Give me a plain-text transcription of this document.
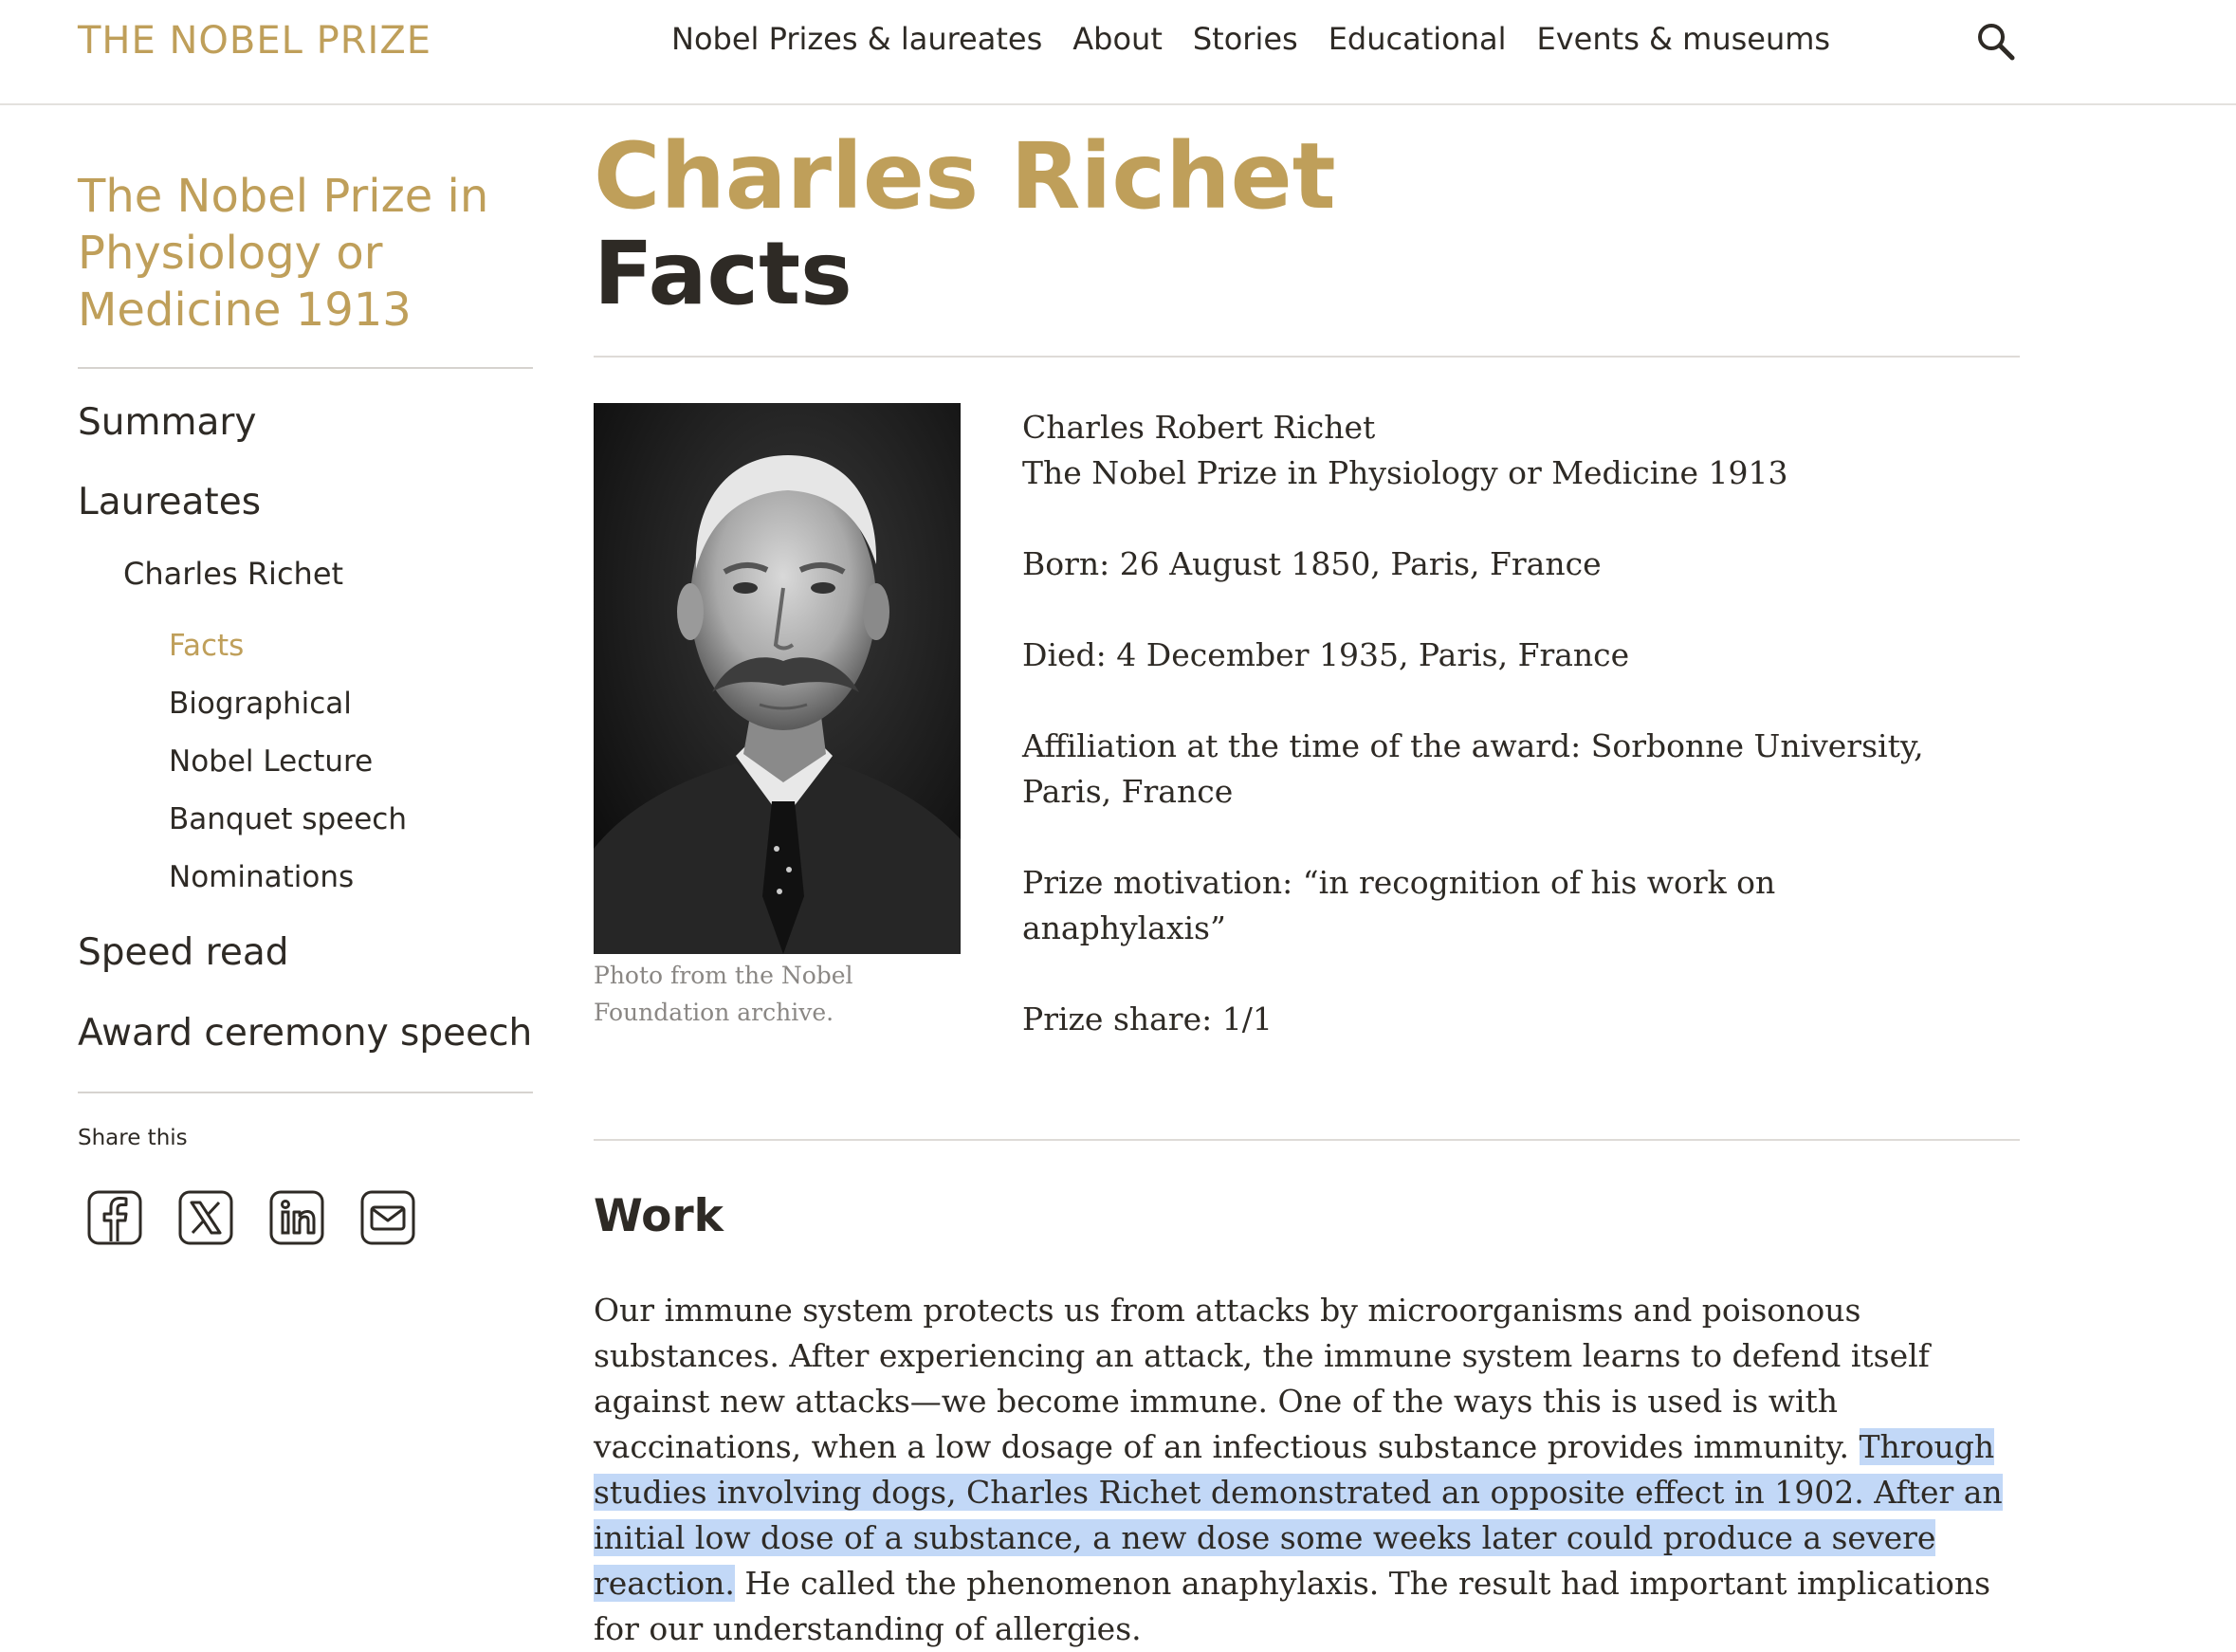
THE NOBEL PRIZE	Nobel Prizes & laureates About Stories Educational Events & museums
The Nobel Prize in Physiology or Medicine 1913
Summary
Laureates
Charles Richet
Facts
Biographical
Nobel Lecture
Banquet speech
Nominations
Speed read
Award ceremony speech
Share this
Charles Richet
Facts
Photo from the Nobel Foundation archive.

Charles Robert Richet

The Nobel Prize in Physiology or Medicine 1913

Born: 26 August 1850, Paris, France

Died: 4 December 1935, Paris, France

Affiliation at the time of the award: Sorbonne University, Paris, France

Prize motivation: “in recognition of his work on anaphylaxis”

Prize share: 1/1

Work

Our immune system protects us from attacks by microorganisms and poisonous substances. After experiencing an attack, the immune system learns to defend itself against new attacks—we become immune. One of the ways this is used is with vaccinations, when a low dosage of an infectious substance provides immunity. Through studies involving dogs, Charles Richet demonstrated an opposite effect in 1902. After an initial low dose of a substance, a new dose some weeks later could produce a severe reaction. He called the phenomenon anaphylaxis. The result had important implications for our understanding of allergies.
